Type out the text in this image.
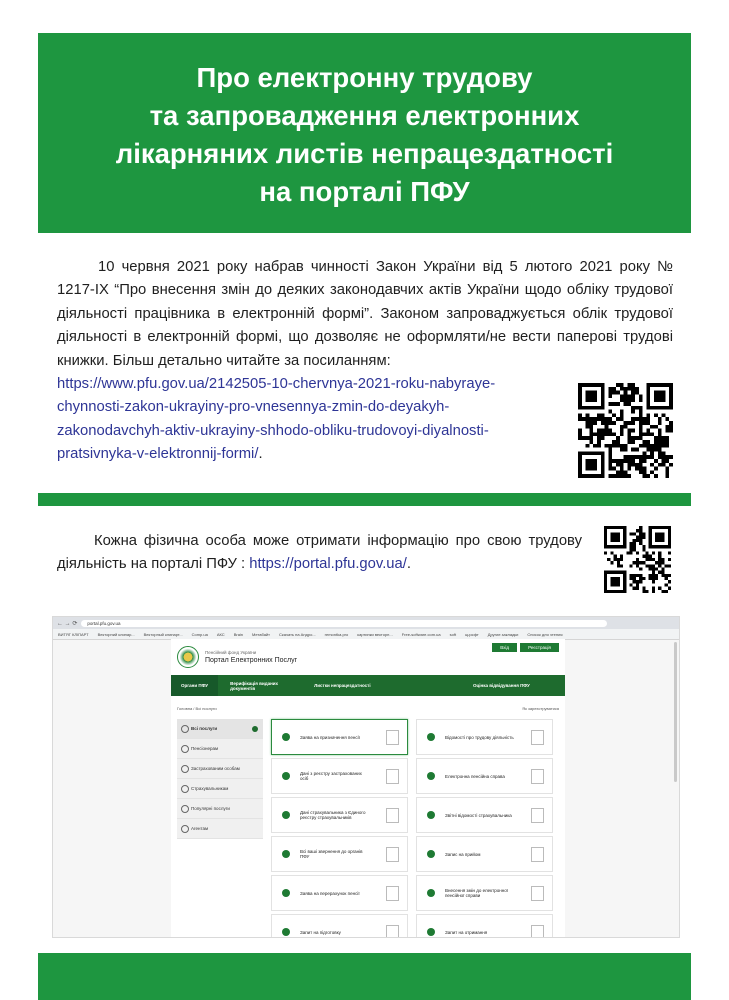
Про електронну трудову
та запровадження електронних
лікарняних листів непрацездатності
на порталі ПФУ
10 червня 2021 року набрав чинності Закон України від 5 лютого 2021 року № 1217-IX “Про внесення змін до деяких законодавчих актів України щодо обліку трудової діяльності працівника в електронній формі”. Законом запроваджується облік трудової діяльності в електронній формі, що дозволяє не оформляти/не вести паперові трудові книжки. Більш детально читайте за посиланням:
https://www.pfu.gov.ua/2142505-10-chervnya-2021-roku-nabyraye-
chynnosti-zakon-ukrayiny-pro-vnesennya-zmin-do-deyakyh-
zakonodavchyh-aktiv-ukrayiny-shhodo-obliku-trudovoyi-diyalnosti-
pratsivnyka-v-elektronnij-formi/.
Кожна фізична особа може отримати інформацію про свою трудову діяльність на порталі ПФУ : https://portal.pfu.gov.ua/.
← → ⟳	portal.pfu.gov.ua
ВИТЯГ КЛІПАРТ Векторний клипар... Векторный клипарт... Comp.ua АКС Brain Метабайт Скачать на Андро... remontka.pro картинки векторн... Free-software.com.ua soft ццчсфт Другие закладки Список для чтения
Пенсійний фонд України
Портал Електронних Послуг
Вхід	Реєстрація
Органи ПФУ	Верифікація виданих документів	Листки непрацездатності	Оцінка відвідування ПФУ
Головна / Всі послуги	Як зареєструватися
Всі послуги
Пенсіонерам
Застрахованим особам
Страхувальникам
Популярні послуги
Агентам
Заява на призначення пенсії
Дані з реєстру застрахованих осіб
Дані страхувальника з Єдиного реєстру страхувальників
Всі ваші звернення до органів ПФУ
Заява на перерахунок пенсії
Запит на підготовку
Відомості про трудову діяльність
Електронна пенсійна справа
Звітні відомості страхувальника
Запис на прийом
Внесення змін до електронної пенсійної справи
Запит на отримання
